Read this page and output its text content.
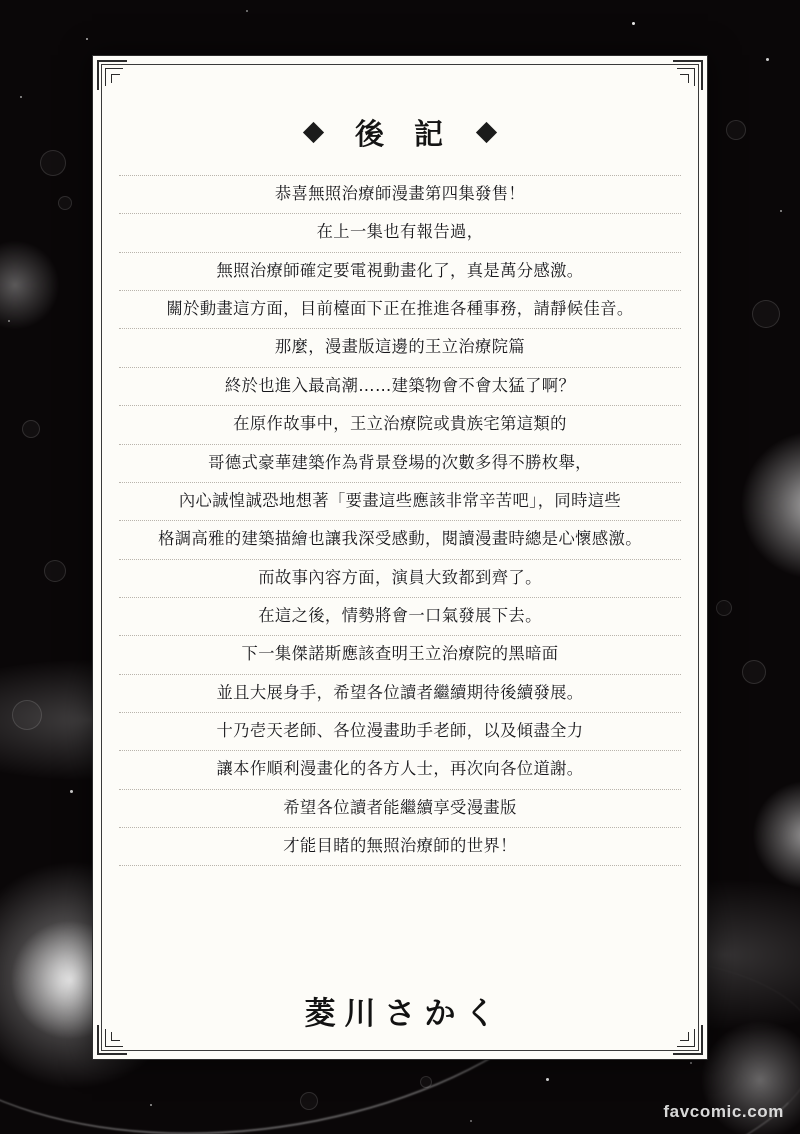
後 記
恭喜無照治療師漫畫第四集發售！
在上一集也有報告過，
無照治療師確定要電視動畫化了，真是萬分感激。
關於動畫這方面，目前檯面下正在推進各種事務，請靜候佳音。
那麼，漫畫版這邊的王立治療院篇
終於也進入最高潮……建築物會不會太猛了啊？
在原作故事中，王立治療院或貴族宅第這類的
哥德式豪華建築作為背景登場的次數多得不勝枚舉，
內心誠惶誠恐地想著「要畫這些應該非常辛苦吧」，同時這些
格調高雅的建築描繪也讓我深受感動，閱讀漫畫時總是心懷感激。
而故事內容方面，演員大致都到齊了。
在這之後，情勢將會一口氣發展下去。
下一集傑諾斯應該查明王立治療院的黑暗面
並且大展身手，希望各位讀者繼續期待後續發展。
十乃壱天老師、各位漫畫助手老師，以及傾盡全力
讓本作順利漫畫化的各方人士，再次向各位道謝。
希望各位讀者能繼續享受漫畫版
才能目睹的無照治療師的世界！
菱川さかく
favcomic.com
